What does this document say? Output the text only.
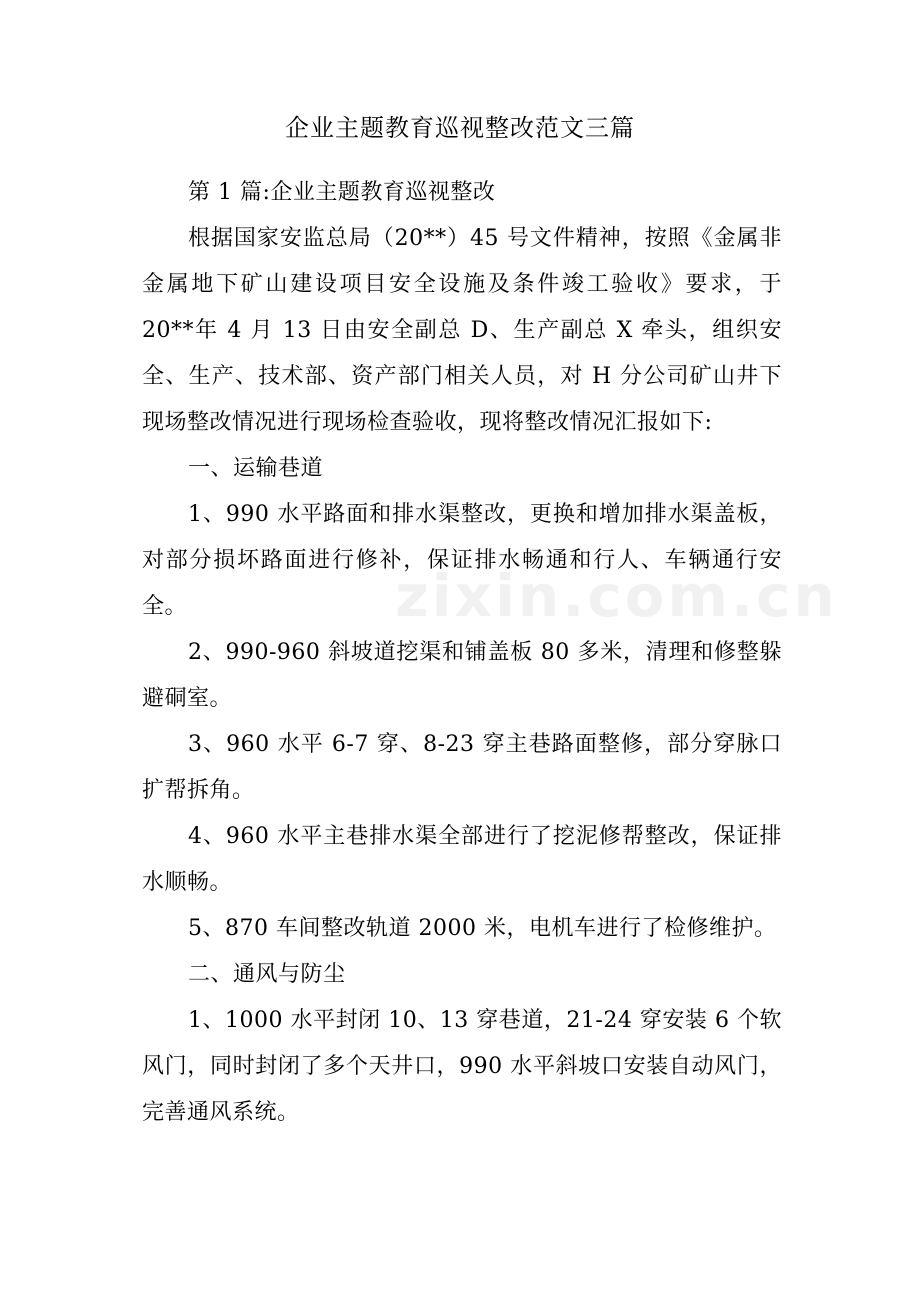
企业主题教育巡视整改范文三篇

第 1 篇:企业主题教育巡视整改

根据国家安监总局（20**）45 号文件精神，按照《金属非金属地下矿山建设项目安全设施及条件竣工验收》要求，于 20**年 4 月 13 日由安全副总 D、生产副总 X 牵头，组织安全、生产、技术部、资产部门相关人员，对 H 分公司矿山井下现场整改情况进行现场检查验收，现将整改情况汇报如下:

一、运输巷道

1、990 水平路面和排水渠整改，更换和增加排水渠盖板，对部分损坏路面进行修补，保证排水畅通和行人、车辆通行安全。

2、990-960 斜坡道挖渠和铺盖板 80 多米，清理和修整躲避硐室。

3、960 水平 6-7 穿、8-23 穿主巷路面整修，部分穿脉口扩帮拆角。

4、960 水平主巷排水渠全部进行了挖泥修帮整改，保证排水顺畅。

5、870 车间整改轨道 2000 米，电机车进行了检修维护。

二、通风与防尘

1、1000 水平封闭 10、13 穿巷道，21-24 穿安装 6 个软风门，同时封闭了多个天井口，990 水平斜坡口安装自动风门，完善通风系统。

zixin.com.cn
